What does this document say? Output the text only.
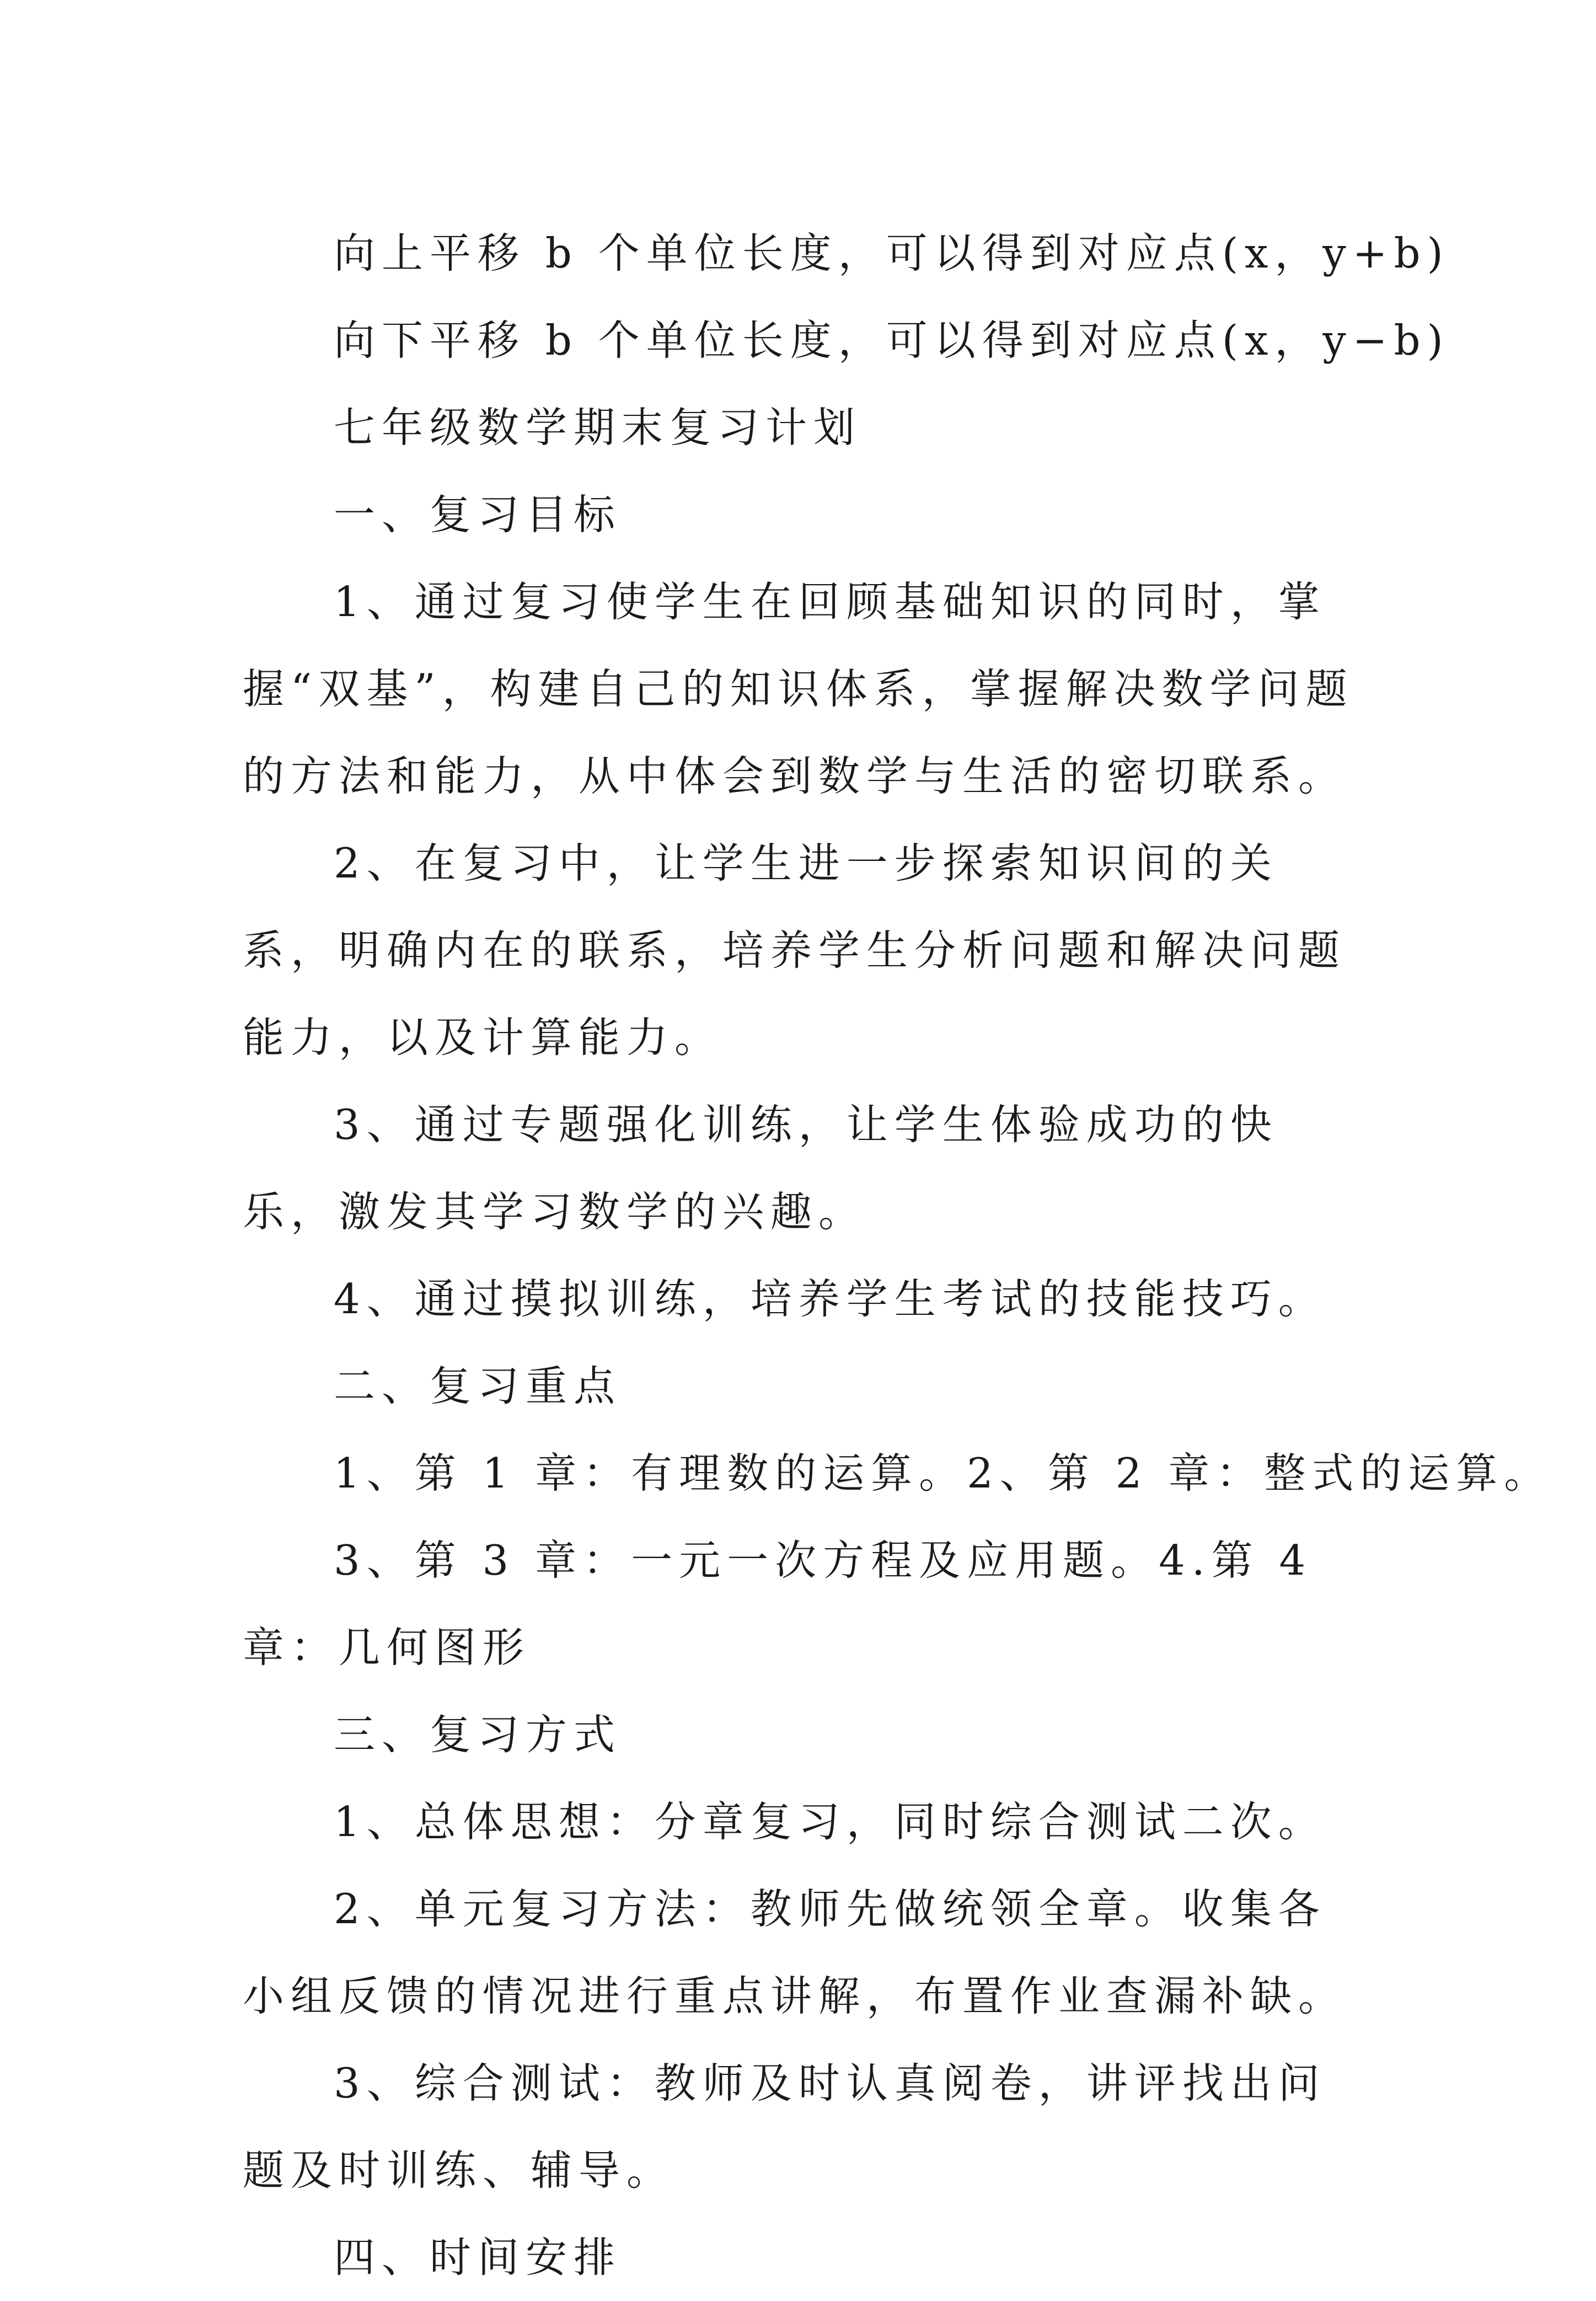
向上平移 b 个单位长度，可以得到对应点(x，y+b)

向下平移 b 个单位长度，可以得到对应点(x，y−b)

七年级数学期末复习计划

一、复习目标

1、通过复习使学生在回顾基础知识的同时，掌握“双基”，构建自己的知识体系，掌握解决数学问题的方法和能力，从中体会到数学与生活的密切联系。

2、在复习中，让学生进一步探索知识间的关系，明确内在的联系，培养学生分析问题和解决问题能力，以及计算能力。

3、通过专题强化训练，让学生体验成功的快乐，激发其学习数学的兴趣。

4、通过摸拟训练，培养学生考试的技能技巧。

二、复习重点

1、第 1 章：有理数的运算。2、第 2 章：整式的运算。

3、第 3 章：一元一次方程及应用题。4.第 4 章：几何图形

三、复习方式

1、总体思想：分章复习，同时综合测试二次。

2、单元复习方法：教师先做统领全章。收集各小组反馈的情况进行重点讲解，布置作业查漏补缺。

3、综合测试：教师及时认真阅卷，讲评找出问题及时训练、辅导。

四、时间安排
